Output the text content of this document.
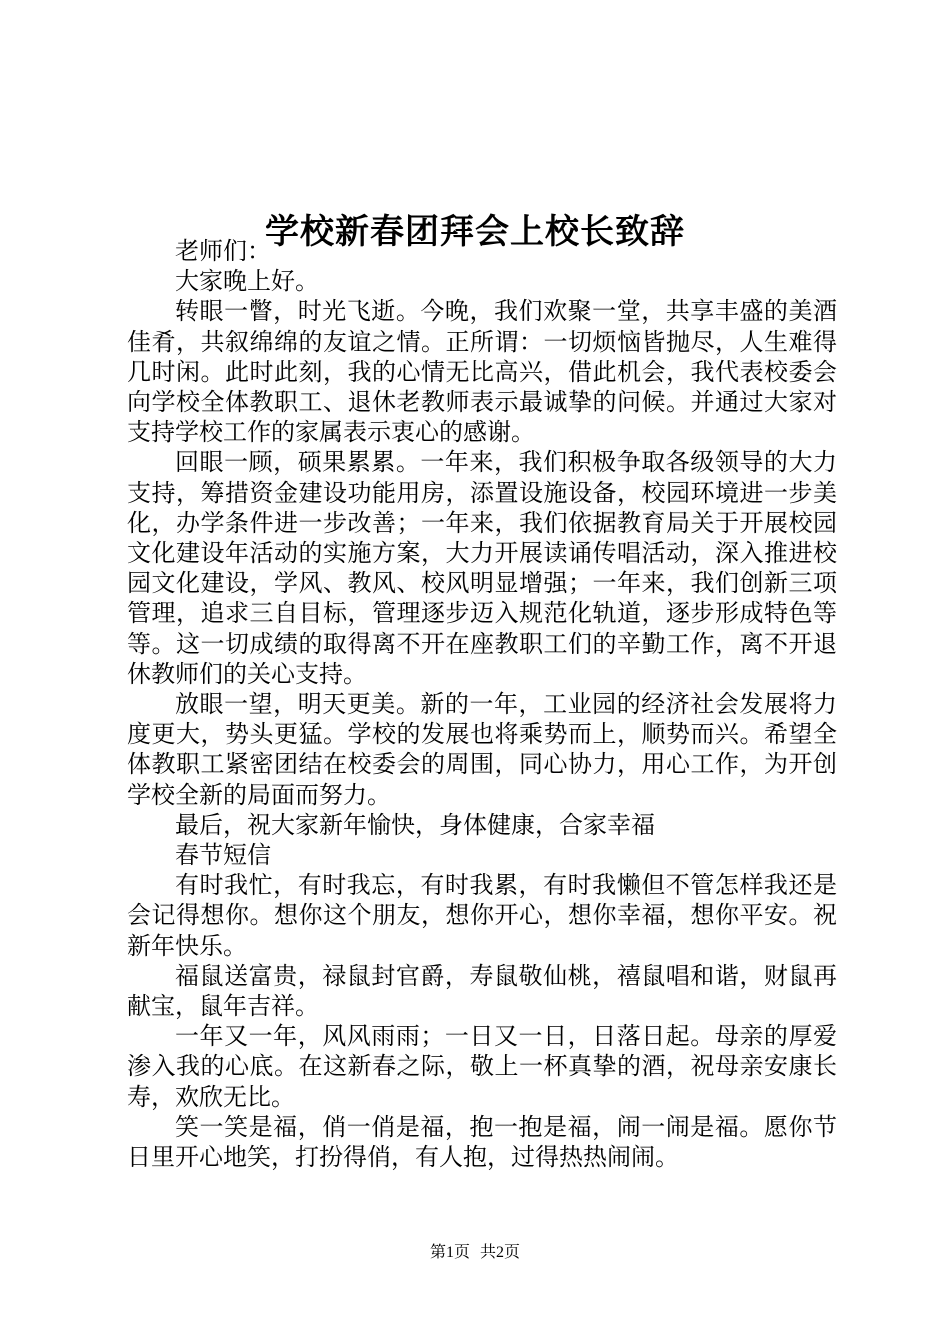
学校新春团拜会上校长致辞

老师们：

大家晚上好。

转眼一瞥，时光飞逝。今晚，我们欢聚一堂，共享丰盛的美酒佳肴，共叙绵绵的友谊之情。正所谓：一切烦恼皆抛尽，人生难得几时闲。此时此刻，我的心情无比高兴，借此机会，我代表校委会向学校全体教职工、退休老教师表示最诚挚的问候。并通过大家对支持学校工作的家属表示衷心的感谢。

回眼一顾，硕果累累。一年来，我们积极争取各级领导的大力支持，筹措资金建设功能用房，添置设施设备，校园环境进一步美化，办学条件进一步改善；一年来，我们依据教育局关于开展校园文化建设年活动的实施方案，大力开展读诵传唱活动，深入推进校园文化建设，学风、教风、校风明显增强；一年来，我们创新三项管理，追求三自目标，管理逐步迈入规范化轨道，逐步形成特色等等。这一切成绩的取得离不开在座教职工们的辛勤工作，离不开退休教师们的关心支持。

放眼一望，明天更美。新的一年，工业园的经济社会发展将力度更大，势头更猛。学校的发展也将乘势而上，顺势而兴。希望全体教职工紧密团结在校委会的周围，同心协力，用心工作，为开创学校全新的局面而努力。

最后，祝大家新年愉快，身体健康，合家幸福

春节短信

有时我忙，有时我忘，有时我累，有时我懒但不管怎样我还是会记得想你。想你这个朋友，想你开心，想你幸福，想你平安。祝新年快乐。

福鼠送富贵，禄鼠封官爵，寿鼠敬仙桃，禧鼠唱和谐，财鼠再献宝，鼠年吉祥。

一年又一年，风风雨雨；一日又一日，日落日起。母亲的厚爱渗入我的心底。在这新春之际，敬上一杯真挚的酒，祝母亲安康长寿，欢欣无比。

笑一笑是福，俏一俏是福，抱一抱是福，闹一闹是福。愿你节日里开心地笑，打扮得俏，有人抱，过得热热闹闹。

第1页 共2页
